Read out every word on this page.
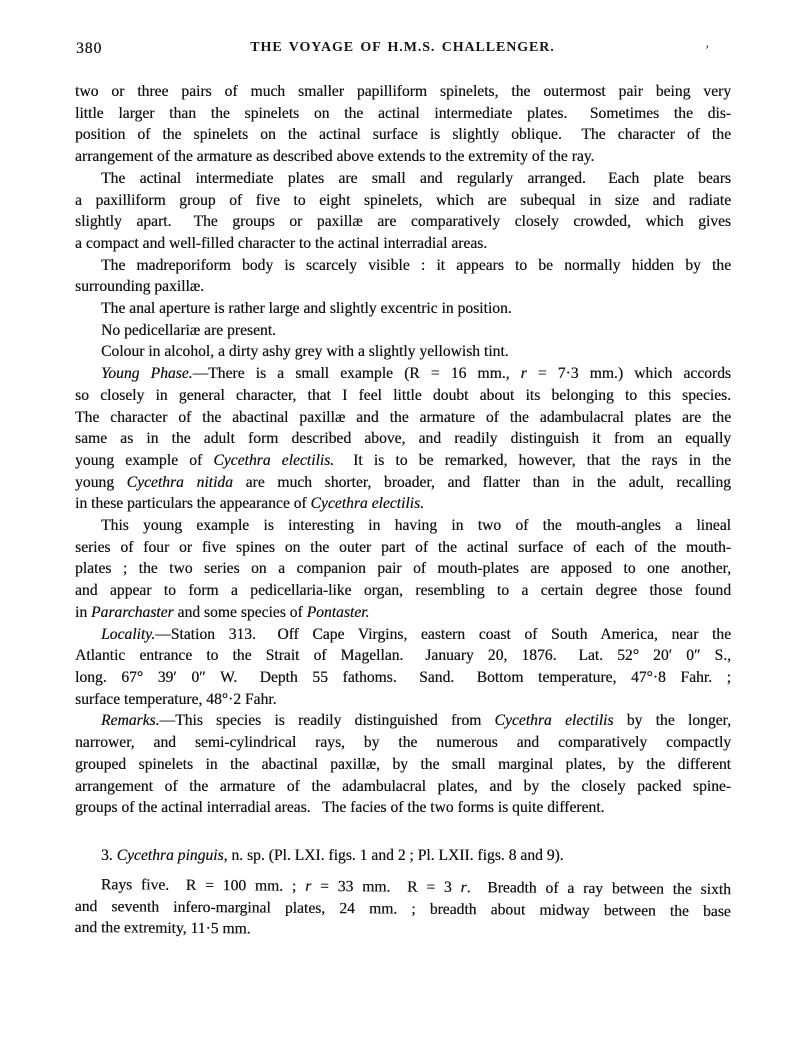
380	THE VOYAGE OF H.M.S. CHALLENGER.	’
two or three pairs of much smaller papilliform spinelets, the outermost pair being very
little larger than the spinelets on the actinal intermediate plates.  Sometimes the dis-
position of the spinelets on the actinal surface is slightly oblique.  The character of the
arrangement of the armature as described above extends to the extremity of the ray.
The actinal intermediate plates are small and regularly arranged.  Each plate bears
a paxilliform group of five to eight spinelets, which are subequal in size and radiate
slightly apart.  The groups or paxillæ are comparatively closely crowded, which gives
a compact and well-filled character to the actinal interradial areas.
The madreporiform body is scarcely visible : it appears to be normally hidden by the
surrounding paxillæ.
The anal aperture is rather large and slightly excentric in position.
No pedicellariæ are present.
Colour in alcohol, a dirty ashy grey with a slightly yellowish tint.
Young Phase.—There is a small example (R = 16 mm., r = 7·3 mm.) which accords
so closely in general character, that I feel little doubt about its belonging to this species.
The character of the abactinal paxillæ and the armature of the adambulacral plates are the
same as in the adult form described above, and readily distinguish it from an equally
young example of Cycethra electilis.  It is to be remarked, however, that the rays in the
young Cycethra nitida are much shorter, broader, and flatter than in the adult, recalling
in these particulars the appearance of Cycethra electilis.
This young example is interesting in having in two of the mouth-angles a lineal
series of four or five spines on the outer part of the actinal surface of each of the mouth-
plates ; the two series on a companion pair of mouth-plates are apposed to one another,
and appear to form a pedicellaria-like organ, resembling to a certain degree those found
in Pararchaster and some species of Pontaster.
Locality.—Station 313.  Off Cape Virgins, eastern coast of South America, near the
Atlantic entrance to the Strait of Magellan.  January 20, 1876.  Lat. 52° 20′ 0″ S.,
long. 67° 39′ 0″ W.  Depth 55 fathoms.  Sand.  Bottom temperature, 47°·8 Fahr. ;
surface temperature, 48°·2 Fahr.
Remarks.—This species is readily distinguished from Cycethra electilis by the longer,
narrower, and semi-cylindrical rays, by the numerous and comparatively compactly
grouped spinelets in the abactinal paxillæ, by the small marginal plates, by the different
arrangement of the armature of the adambulacral plates, and by the closely packed spine-
groups of the actinal interradial areas.  The facies of the two forms is quite different.
3. Cycethra pinguis, n. sp. (Pl. LXI. figs. 1 and 2 ; Pl. LXII. figs. 8 and 9).
Rays five.  R = 100 mm. ; r = 33 mm.  R = 3 r.  Breadth of a ray between the sixth
and seventh infero-marginal plates, 24 mm. ; breadth about midway between the base
and the extremity, 11·5 mm.
